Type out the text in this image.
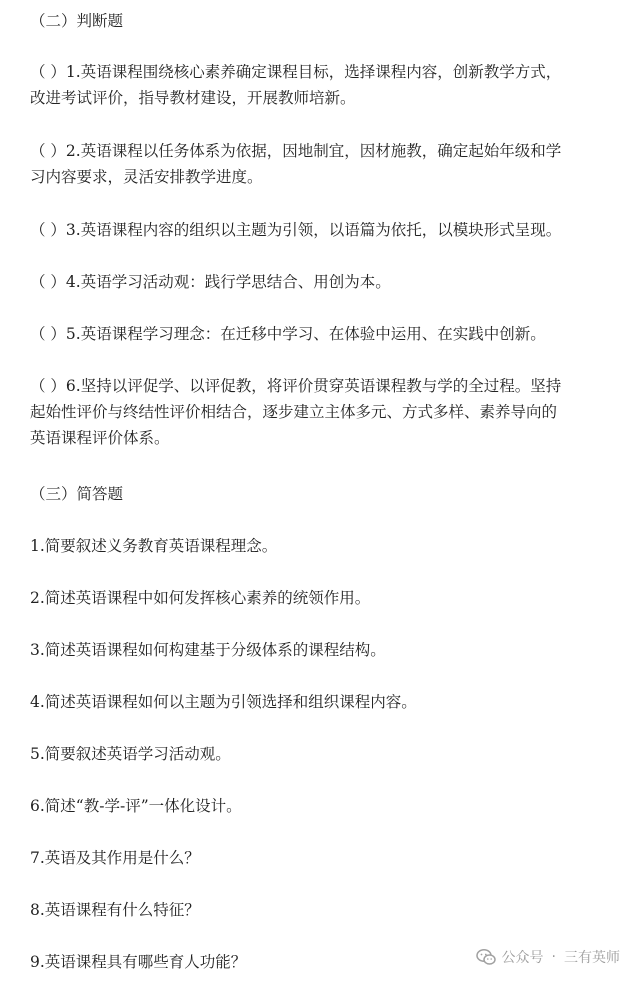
（二）判断题

（ ）1.英语课程围绕核心素养确定课程目标，选择课程内容，创新教学方式，

改进考试评价，指导教材建设，开展教师培新。

（ ）2.英语课程以任务体系为依据，因地制宜，因材施教，确定起始年级和学

习内容要求，灵活安排教学进度。

（ ）3.英语课程内容的组织以主题为引领，以语篇为依托，以模块形式呈现。

（ ）4.英语学习活动观：践行学思结合、用创为本。

（ ）5.英语课程学习理念：在迁移中学习、在体验中运用、在实践中创新。

（ ）6.坚持以评促学、以评促教，将评价贯穿英语课程教与学的全过程。坚持

起始性评价与终结性评价相结合，逐步建立主体多元、方式多样、素养导向的

英语课程评价体系。

（三）简答题

1.简要叙述义务教育英语课程理念。

2.简述英语课程中如何发挥核心素养的统领作用。

3.简述英语课程如何构建基于分级体系的课程结构。

4.简述英语课程如何以主题为引领选择和组织课程内容。

5.简要叙述英语学习活动观。

6.简述“教-学-评”一体化设计。

7.英语及其作用是什么？

8.英语课程有什么特征？

9.英语课程具有哪些育人功能？	公众号 · 三有英师
